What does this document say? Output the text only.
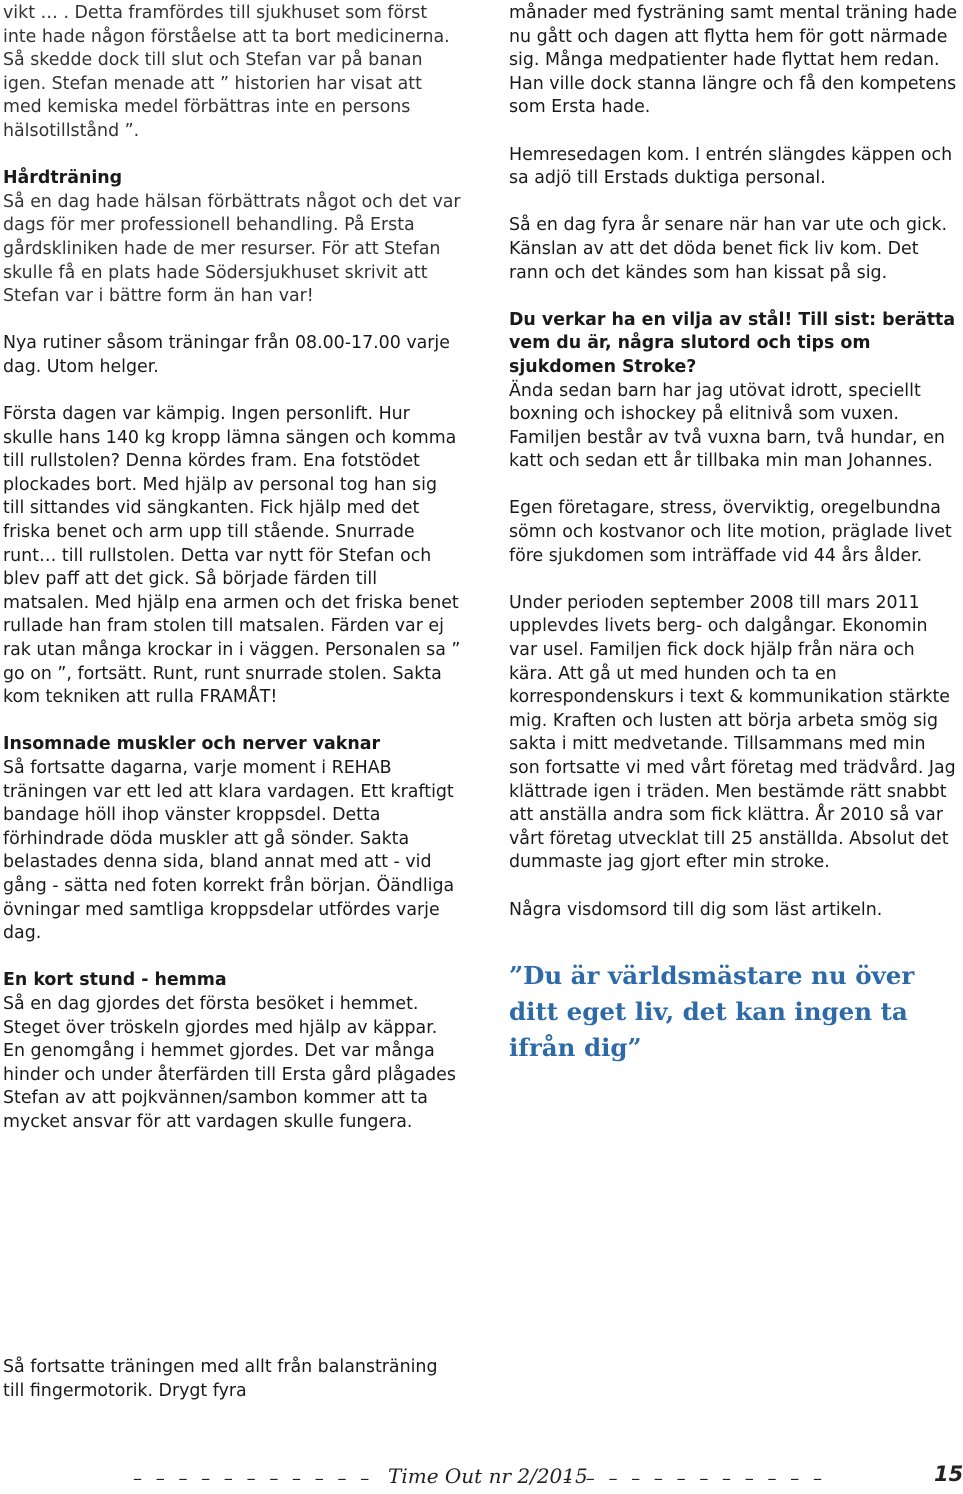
vikt … . Detta framfördes till sjukhuset som först inte hade någon förståelse att ta bort medicinerna. Så skedde dock till slut och Stefan var på banan igen. Stefan menade att ” historien har visat att med kemiska medel förbättras inte en persons hälsotillstånd ”.

Hårdträning

Så en dag hade hälsan förbättrats något och det var dags för mer professionell behandling. På Ersta gårdskliniken hade de mer resurser. För att Stefan skulle få en plats hade Södersjukhuset skrivit att Stefan var i bättre form än han var!

Nya rutiner såsom träningar från 08.00-17.00 varje dag. Utom helger.

Första dagen var kämpig. Ingen personlift. Hur skulle hans 140 kg kropp lämna sängen och komma till rullstolen? Denna kördes fram. Ena fotstödet plockades bort. Med hjälp av personal tog han sig till sittandes vid sängkanten. Fick hjälp med det friska benet och arm upp till stående. Snurrade runt… till rullstolen. Detta var nytt för Stefan och blev paff att det gick. Så började färden till matsalen. Med hjälp ena armen och det friska benet rullade han fram stolen till matsalen. Färden var ej rak utan många krockar in i väggen. Personalen sa ” go on ”, fortsätt. Runt, runt snurrade stolen. Sakta kom tekniken att rulla FRAMÅT!

Insomnade muskler och nerver vaknar

Så fortsatte dagarna, varje moment i REHAB träningen var ett led att klara vardagen. Ett kraftigt bandage höll ihop vänster kroppsdel. Detta förhindrade döda muskler att gå sönder. Sakta belastades denna sida, bland annat med att - vid gång - sätta ned foten korrekt från början. Öändliga övningar med samtliga kroppsdelar utfördes varje dag.

En kort stund - hemma

Så en dag gjordes det första besöket i hemmet. Steget över tröskeln gjordes med hjälp av käppar. En genomgång i hemmet gjordes. Det var många hinder och under återfärden till Ersta gård plågades Stefan av att pojkvännen/sambon kommer att ta mycket ansvar för att vardagen skulle fungera.

Så fortsatte träningen med allt från balansträning till fingermotorik. Drygt fyra

månader med fysträning samt mental träning hade nu gått och dagen att flytta hem för gott närmade sig. Många medpatienter hade flyttat hem redan. Han ville dock stanna längre och få den kompetens som Ersta hade.

Hemresedagen kom. I entrén slängdes käppen och sa adjö till Erstads duktiga personal.

Så en dag fyra år senare när han var ute och gick. Känslan av att det döda benet fick liv kom. Det rann och det kändes som han kissat på sig.

Du verkar ha en vilja av stål! Till sist: berätta vem du är, några slutord och tips om sjukdomen Stroke?

Ända sedan barn har jag utövat idrott, speciellt boxning och ishockey på elitnivå som vuxen. Familjen består av två vuxna barn, två hundar, en katt och sedan ett år tillbaka min man Johannes.

Egen företagare, stress, överviktig, oregelbundna sömn och kostvanor och lite motion, präglade livet före sjukdomen som inträffade vid 44 års ålder.

Under perioden september 2008 till mars 2011 upplevdes livets berg- och dalgångar. Ekonomin var usel. Familjen fick dock hjälp från nära och kära. Att gå ut med hunden och ta en korrespondenskurs i text & kommunikation stärkte mig. Kraften och lusten att börja arbeta smög sig sakta i mitt medvetande. Tillsammans med min son fortsatte vi med vårt företag med trädvård. Jag klättrade igen i träden. Men bestämde rätt snabbt att anställa andra som fick klättra. År 2010 så var vårt företag utvecklat till 25 anställda. Absolut det dummaste jag gjort efter min stroke.

Några visdomsord till dig som läst artikeln.

”Du är världsmästare nu över ditt eget liv, det kan ingen ta ifrån dig”

– – – – – – – – – – – Time Out nr 2/2015
– – – – – – – – – – – –	15
